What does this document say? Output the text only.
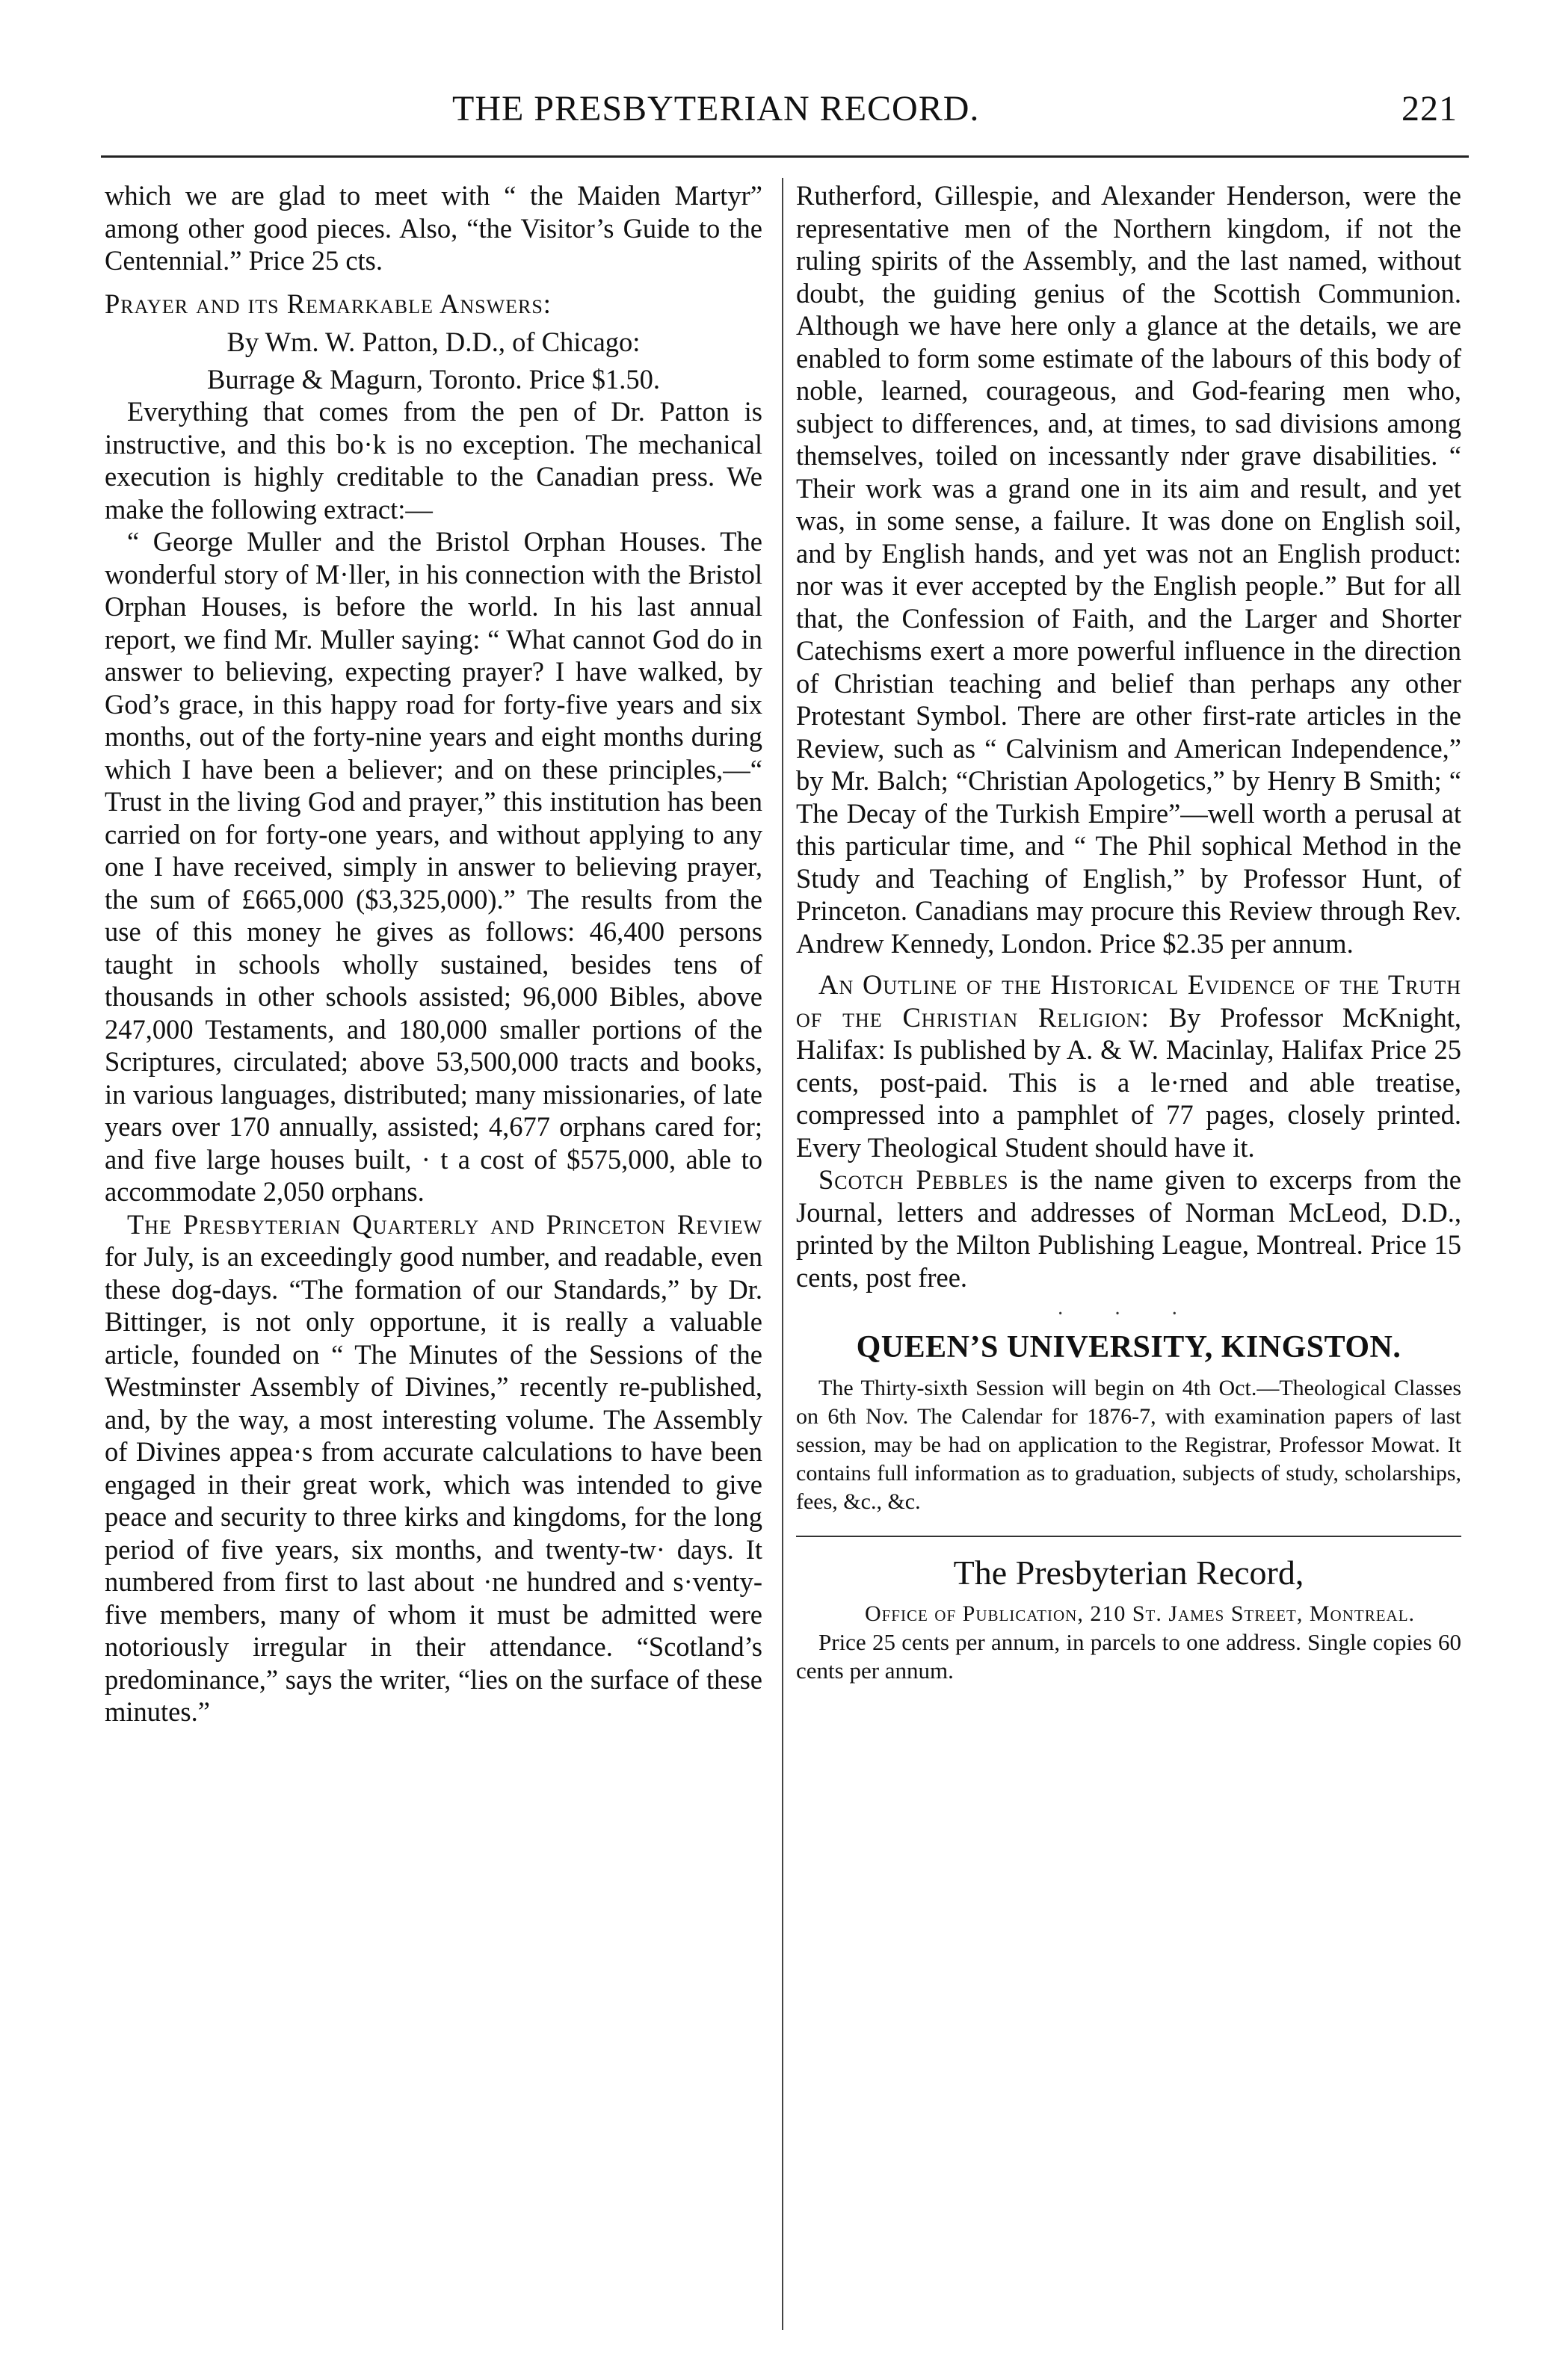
THE PRESBYTERIAN RECORD.	221

which we are glad to meet with “ the Maiden Martyr” among other good pieces. Also, “the Visitor’s Guide to the Centennial.” Price 25 cts.

Prayer and its Remarkable Answers:

By Wm. W. Patton, D.D., of Chicago:

Burrage & Magurn, Toronto. Price $1.50.

Everything that comes from the pen of Dr. Patton is instructive, and this bo·k is no exception. The mechanical execution is highly creditable to the Canadian press. We make the following extract:—

“ George Muller and the Bristol Orphan Houses. The wonderful story of M·ller, in his connection with the Bristol Orphan Houses, is before the world. In his last annual report, we find Mr. Muller saying: “ What cannot God do in answer to believing, expecting prayer? I have walked, by God’s grace, in this happy road for forty-five years and six months, out of the forty-nine years and eight months during which I have been a believer; and on these principles,—“ Trust in the living God and prayer,” this institution has been carried on for forty-one years, and without applying to any one I have received, simply in answer to believing prayer, the sum of £665,000 ($3,325,000).” The results from the use of this money he gives as follows: 46,400 persons taught in schools wholly sustained, besides tens of thousands in other schools assisted; 96,000 Bibles, above 247,000 Testaments, and 180,000 smaller portions of the Scriptures, circulated; above 53,500,000 tracts and books, in various languages, distributed; many missionaries, of late years over 170 annually, assisted; 4,677 orphans cared for; and five large houses built, · t a cost of $575,000, able to accommodate 2,050 orphans.

The Presbyterian Quarterly and Princeton Review for July, is an exceedingly good number, and readable, even these dog-days. “The formation of our Standards,” by Dr. Bittinger, is not only opportune, it is really a valuable article, founded on “ The Minutes of the Sessions of the Westminster Assembly of Divines,” recently re-published, and, by the way, a most interesting volume. The Assembly of Divines appea·s from accurate calculations to have been engaged in their great work, which was intended to give peace and security to three kirks and kingdoms, for the long period of five years, six months, and twenty-tw· days. It numbered from first to last about ·ne hundred and s·venty-five members, many of whom it must be admitted were notoriously irregular in their attendance. “Scotland’s predominance,” says the writer, “lies on the surface of these minutes.”

Rutherford, Gillespie, and Alexander Henderson, were the representative men of the Northern kingdom, if not the ruling spirits of the Assembly, and the last named, without doubt, the guiding genius of the Scottish Communion. Although we have here only a glance at the details, we are enabled to form some estimate of the labours of this body of noble, learned, courageous, and God-fearing men who, subject to differences, and, at times, to sad divisions among themselves, toiled on incessantly nder grave disabilities. “ Their work was a grand one in its aim and result, and yet was, in some sense, a failure. It was done on English soil, and by English hands, and yet was not an English product: nor was it ever accepted by the English people.” But for all that, the Confession of Faith, and the Larger and Shorter Catechisms exert a more powerful influence in the direction of Christian teaching and belief than perhaps any other Protestant Symbol. There are other first-rate articles in the Review, such as “ Calvinism and American Independence,” by Mr. Balch; “Christian Apologetics,” by Henry B Smith; “ The Decay of the Turkish Empire”—well worth a perusal at this particular time, and “ The Phil sophical Method in the Study and Teaching of English,” by Professor Hunt, of Princeton. Canadians may procure this Review through Rev. Andrew Kennedy, London. Price $2.35 per annum.

An Outline of the Historical Evidence of the Truth of the Christian Religion: By Professor McKnight, Halifax: Is published by A. & W. Macinlay, Halifax Price 25 cents, post-paid. This is a le·rned and able treatise, compressed into a pamphlet of 77 pages, closely printed. Every Theological Student should have it.

Scotch Pebbles is the name given to excerps from the Journal, letters and addresses of Norman McLeod, D.D., printed by the Milton Publishing League, Montreal. Price 15 cents, post free.

· · ·
QUEEN’S UNIVERSITY, KINGSTON.

The Thirty-sixth Session will begin on 4th Oct.—Theological Classes on 6th Nov. The Calendar for 1876-7, with examination papers of last session, may be had on application to the Registrar, Professor Mowat. It contains full information as to graduation, subjects of study, scholarships, fees, &c., &c.

The Presbyterian Record,

Office of Publication, 210 St. James Street, Montreal.

Price 25 cents per annum, in parcels to one address. Single copies 60 cents per annum.
